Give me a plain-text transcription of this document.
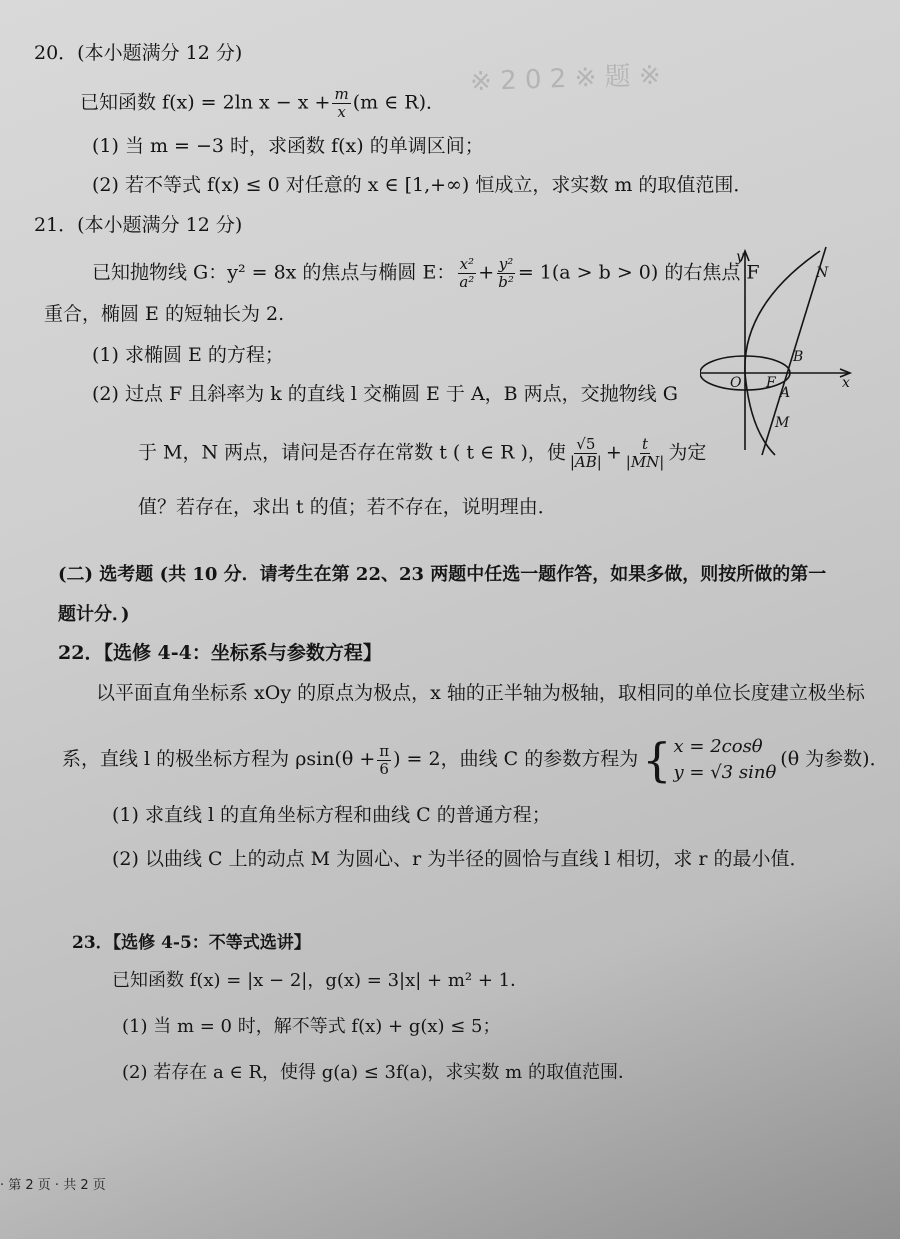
※ 2 0 2 ※ 题 ※
20．(本小题满分 12 分)
已知函数 f(x) = 2ln $x - x + \frac{m}{x} (m$ ∈ R)．
(1) 当 m = −3 时，求函数 f(x) 的单调区间；
(2) 若不等式 f(x) ≤ 0 对任意的 x ∈ [1,+∞) 恒成立，求实数 m 的取值范围．
21．(本小题满分 12 分)
已知抛物线 G：y² = 8x 的焦点与椭圆 E： $\frac{\text{x²}}{\text{a²}} + \frac{\text{y²}}{\text{b²}} = 1(a > b > 0)$ 的右焦点 F
重合，椭圆 E 的短轴长为 2.
(1) 求椭圆 E 的方程；
(2) 过点 F 且斜率为 k 的直线 l 交椭圆 E 于 A，B 两点，交抛物线 G
于 M，N 两点，请问是否存在常数 t ( t ∈ R )，使 $\frac{√5}{|AB|} + \frac{t}{|MN|}$ 为定
值？若存在，求出 t 的值；若不存在，说明理由．
y
x
O F
B
A
M
N
(二) 选考题 (共 10 分．请考生在第 22、23 两题中任选一题作答，如果多做，则按所做的第一
题计分．)
22．【选修 4-4：坐标系与参数方程】
以平面直角坐标系 xOy 的原点为极点，x 轴的正半轴为极轴，取相同的单位长度建立极坐标
系，直线 l 的极坐标方程为 $\rho\sin(\theta + \frac{\pi}{6}$ ) = 2，曲线 C 的参数方程为 { x = 2cosθ
y = √3 sinθ
(θ 为参数)．
(1) 求直线 l 的直角坐标方程和曲线 C 的普通方程；
(2) 以曲线 C 上的动点 M 为圆心、r 为半径的圆恰与直线 l 相切，求 r 的最小值．
23．【选修 4-5：不等式选讲】
已知函数 f(x) = |x − 2|，g(x) = 3|x| + m² + 1．
(1) 当 m = 0 时，解不等式 f(x) + g(x) ≤ 5；
(2) 若存在 a ∈ R，使得 g(a) ≤ 3f(a)，求实数 m 的取值范围．
· 第 2 页 · 共 2 页
